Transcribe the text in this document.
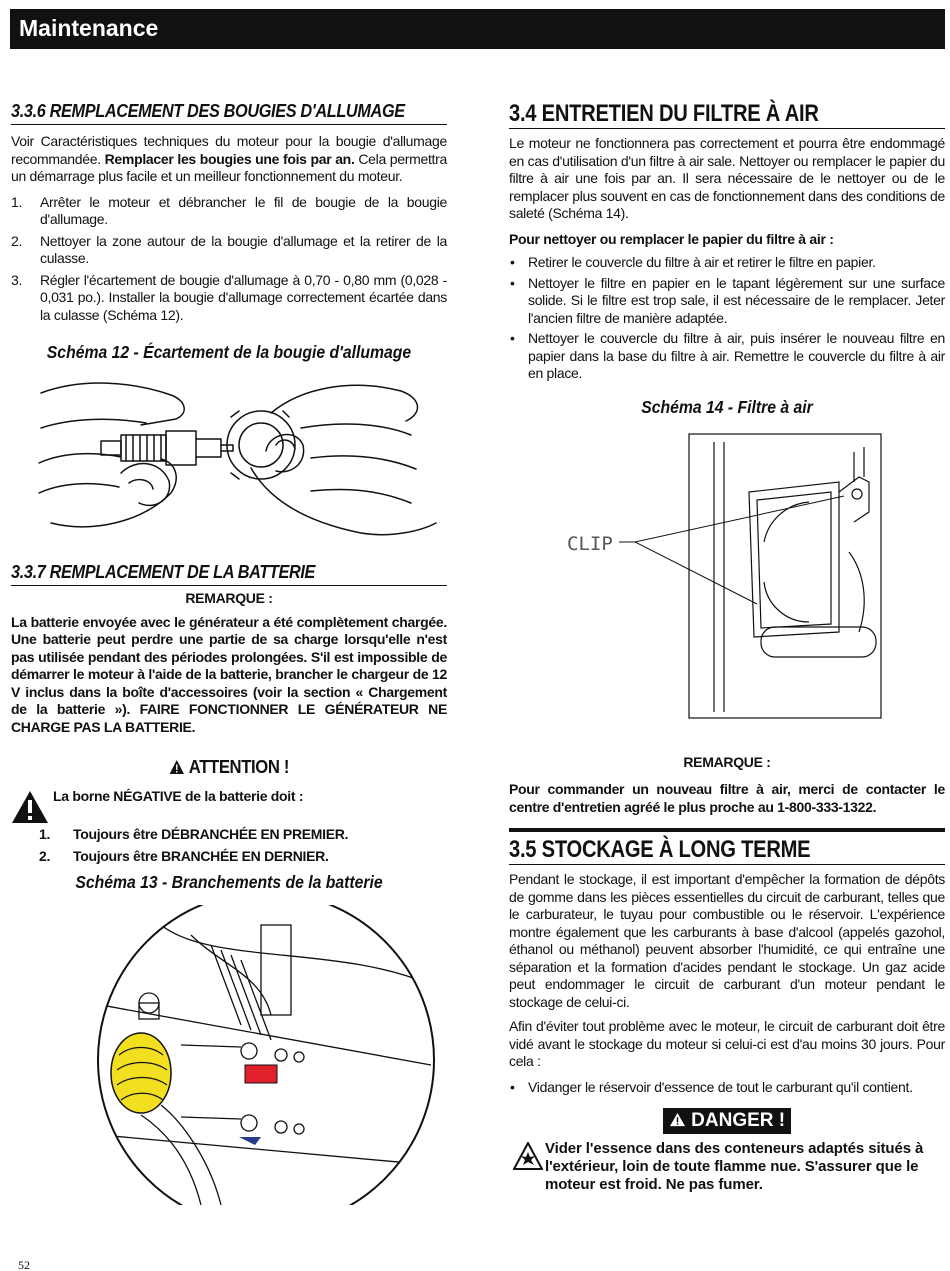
Maintenance
3.3.6 REMPLACEMENT DES BOUGIES D'ALLUMAGE

Voir Caractéristiques techniques du moteur pour la bougie d'allumage recommandée. Remplacer les bougies une fois par an. Cela permettra un démarrage plus facile et un meilleur fonctionnement du moteur.

1. Arrêter le moteur et débrancher le fil de bougie de la bougie d'allumage.
2. Nettoyer la zone autour de la bougie d'allumage et la retirer de la culasse.
3. Régler l'écartement de bougie d'allumage à 0,70 - 0,80 mm (0,028 - 0,031 po.). Installer la bougie d'allumage correctement écartée dans la culasse (Schéma 12).
Schéma 12 - Écartement de la bougie d'allumage
3.3.7 REMPLACEMENT DE LA BATTERIE
REMARQUE :

La batterie envoyée avec le générateur a été complètement chargée. Une batterie peut perdre une partie de sa charge lorsqu'elle n'est pas utilisée pendant des périodes prolongées. S'il est impossible de démarrer le moteur à l'aide de la batterie, brancher le chargeur de 12 V inclus dans la boîte d'accessoires (voir la section « Chargement de la batterie »). FAIRE FONCTIONNER LE GÉNÉRATEUR NE CHARGE PAS LA BATTERIE.

ATTENTION !
La borne NÉGATIVE de la batterie doit :
1. Toujours être DÉBRANCHÉE EN PREMIER.
2. Toujours être BRANCHÉE EN DERNIER.
Schéma 13 - Branchements de la batterie
3.4 ENTRETIEN DU FILTRE À AIR

Le moteur ne fonctionnera pas correctement et pourra être endommagé en cas d'utilisation d'un filtre à air sale. Nettoyer ou remplacer le papier du filtre à air une fois par an. Il sera nécessaire de le nettoyer ou de le remplacer plus souvent en cas de fonctionnement dans des conditions de saleté (Schéma 14).

Pour nettoyer ou remplacer le papier du filtre à air :

• Retirer le couvercle du filtre à air et retirer le filtre en papier.
• Nettoyer le filtre en papier en le tapant légèrement sur une surface solide. Si le filtre est trop sale, il est nécessaire de le remplacer. Jeter l'ancien filtre de manière adaptée.
• Nettoyer le couvercle du filtre à air, puis insérer le nouveau filtre en papier dans la base du filtre à air. Remettre le couvercle du filtre à air en place.
Schéma 14 - Filtre à air
CLIP
REMARQUE :

Pour commander un nouveau filtre à air, merci de contacter le centre d'entretien agréé le plus proche au 1-800-333-1322.

3.5 STOCKAGE À LONG TERME

Pendant le stockage, il est important d'empêcher la formation de dépôts de gomme dans les pièces essentielles du circuit de carburant, telles que le carburateur, le tuyau pour combustible ou le réservoir. L'expérience montre également que les carburants à base d'alcool (appelés gazohol, éthanol ou méthanol) peuvent absorber l'humidité, ce qui entraîne une séparation et la formation d'acides pendant le stockage. Un gaz acide peut endommager le circuit de carburant d'un moteur pendant le stockage de celui-ci.

Afin d'éviter tout problème avec le moteur, le circuit de carburant doit être vidé avant le stockage du moteur si celui-ci est d'au moins 30 jours. Pour cela :

• Vidanger le réservoir d'essence de tout le carburant qu'il contient.
DANGER !

Vider l'essence dans des conteneurs adaptés situés à l'extérieur, loin de toute flamme nue. S'assurer que le moteur est froid. Ne pas fumer.

52
